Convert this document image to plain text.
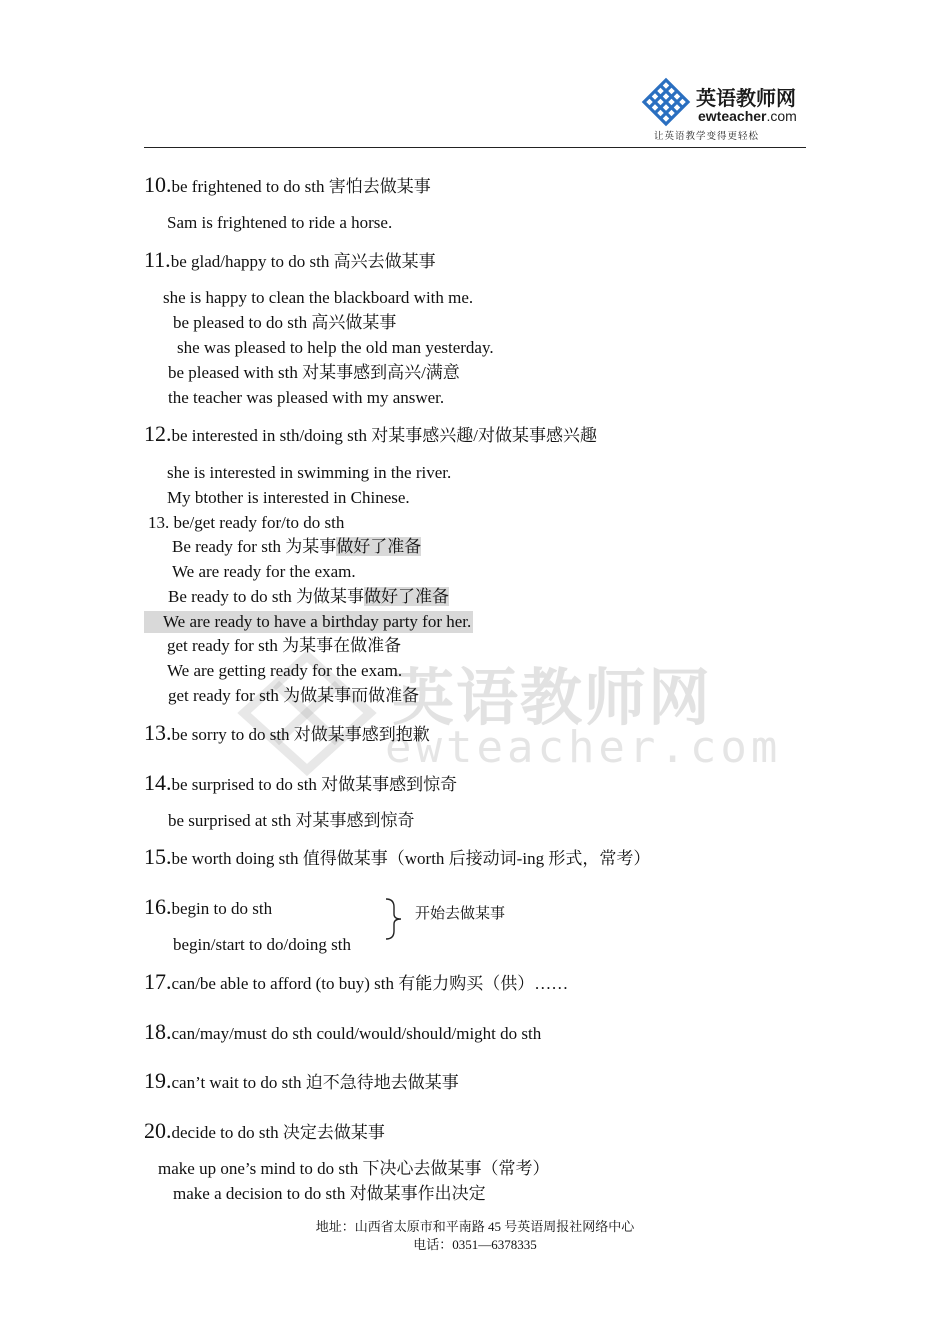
英语教师网
ewteacher.com
让英语教学变得更轻松
英语教师网
ewteacher.com
10.be frightened to do sth 害怕去做某事
Sam is frightened to ride a horse.
11.be glad/happy to do sth 高兴去做某事
she is happy to clean the blackboard with me.
be pleased to do sth 高兴做某事
she was pleased to help the old man yesterday.
be pleased with sth 对某事感到高兴/满意
the teacher was pleased with my answer.
12.be interested in sth/doing sth 对某事感兴趣/对做某事感兴趣
she is interested in swimming in the river.
My btother is interested in Chinese.
13. be/get ready for/to do sth
Be ready for sth 为某事做好了准备
We are ready for the exam.
Be ready to do sth 为做某事做好了准备
We are ready to have a birthday party for her.
get ready for sth 为某事在做准备
We are getting ready for the exam.
get ready for sth 为做某事而做准备
13.be sorry to do sth 对做某事感到抱歉
14.be surprised to do sth 对做某事感到惊奇
be surprised at sth 对某事感到惊奇
15.be worth doing sth 值得做某事（worth 后接动词-ing 形式，常考）
16.begin to do sth
begin/start to do/doing sth
开始去做某事
17.can/be able to afford (to buy) sth 有能力购买（供）……
18.can/may/must do sth could/would/should/might do sth
19.can’t wait to do sth 迫不急待地去做某事
20.decide to do sth 决定去做某事
make up one’s mind to do sth 下决心去做某事（常考）
make a decision to do sth 对做某事作出决定
地址：山西省太原市和平南路 45 号英语周报社网络中心
电话：0351—6378335
